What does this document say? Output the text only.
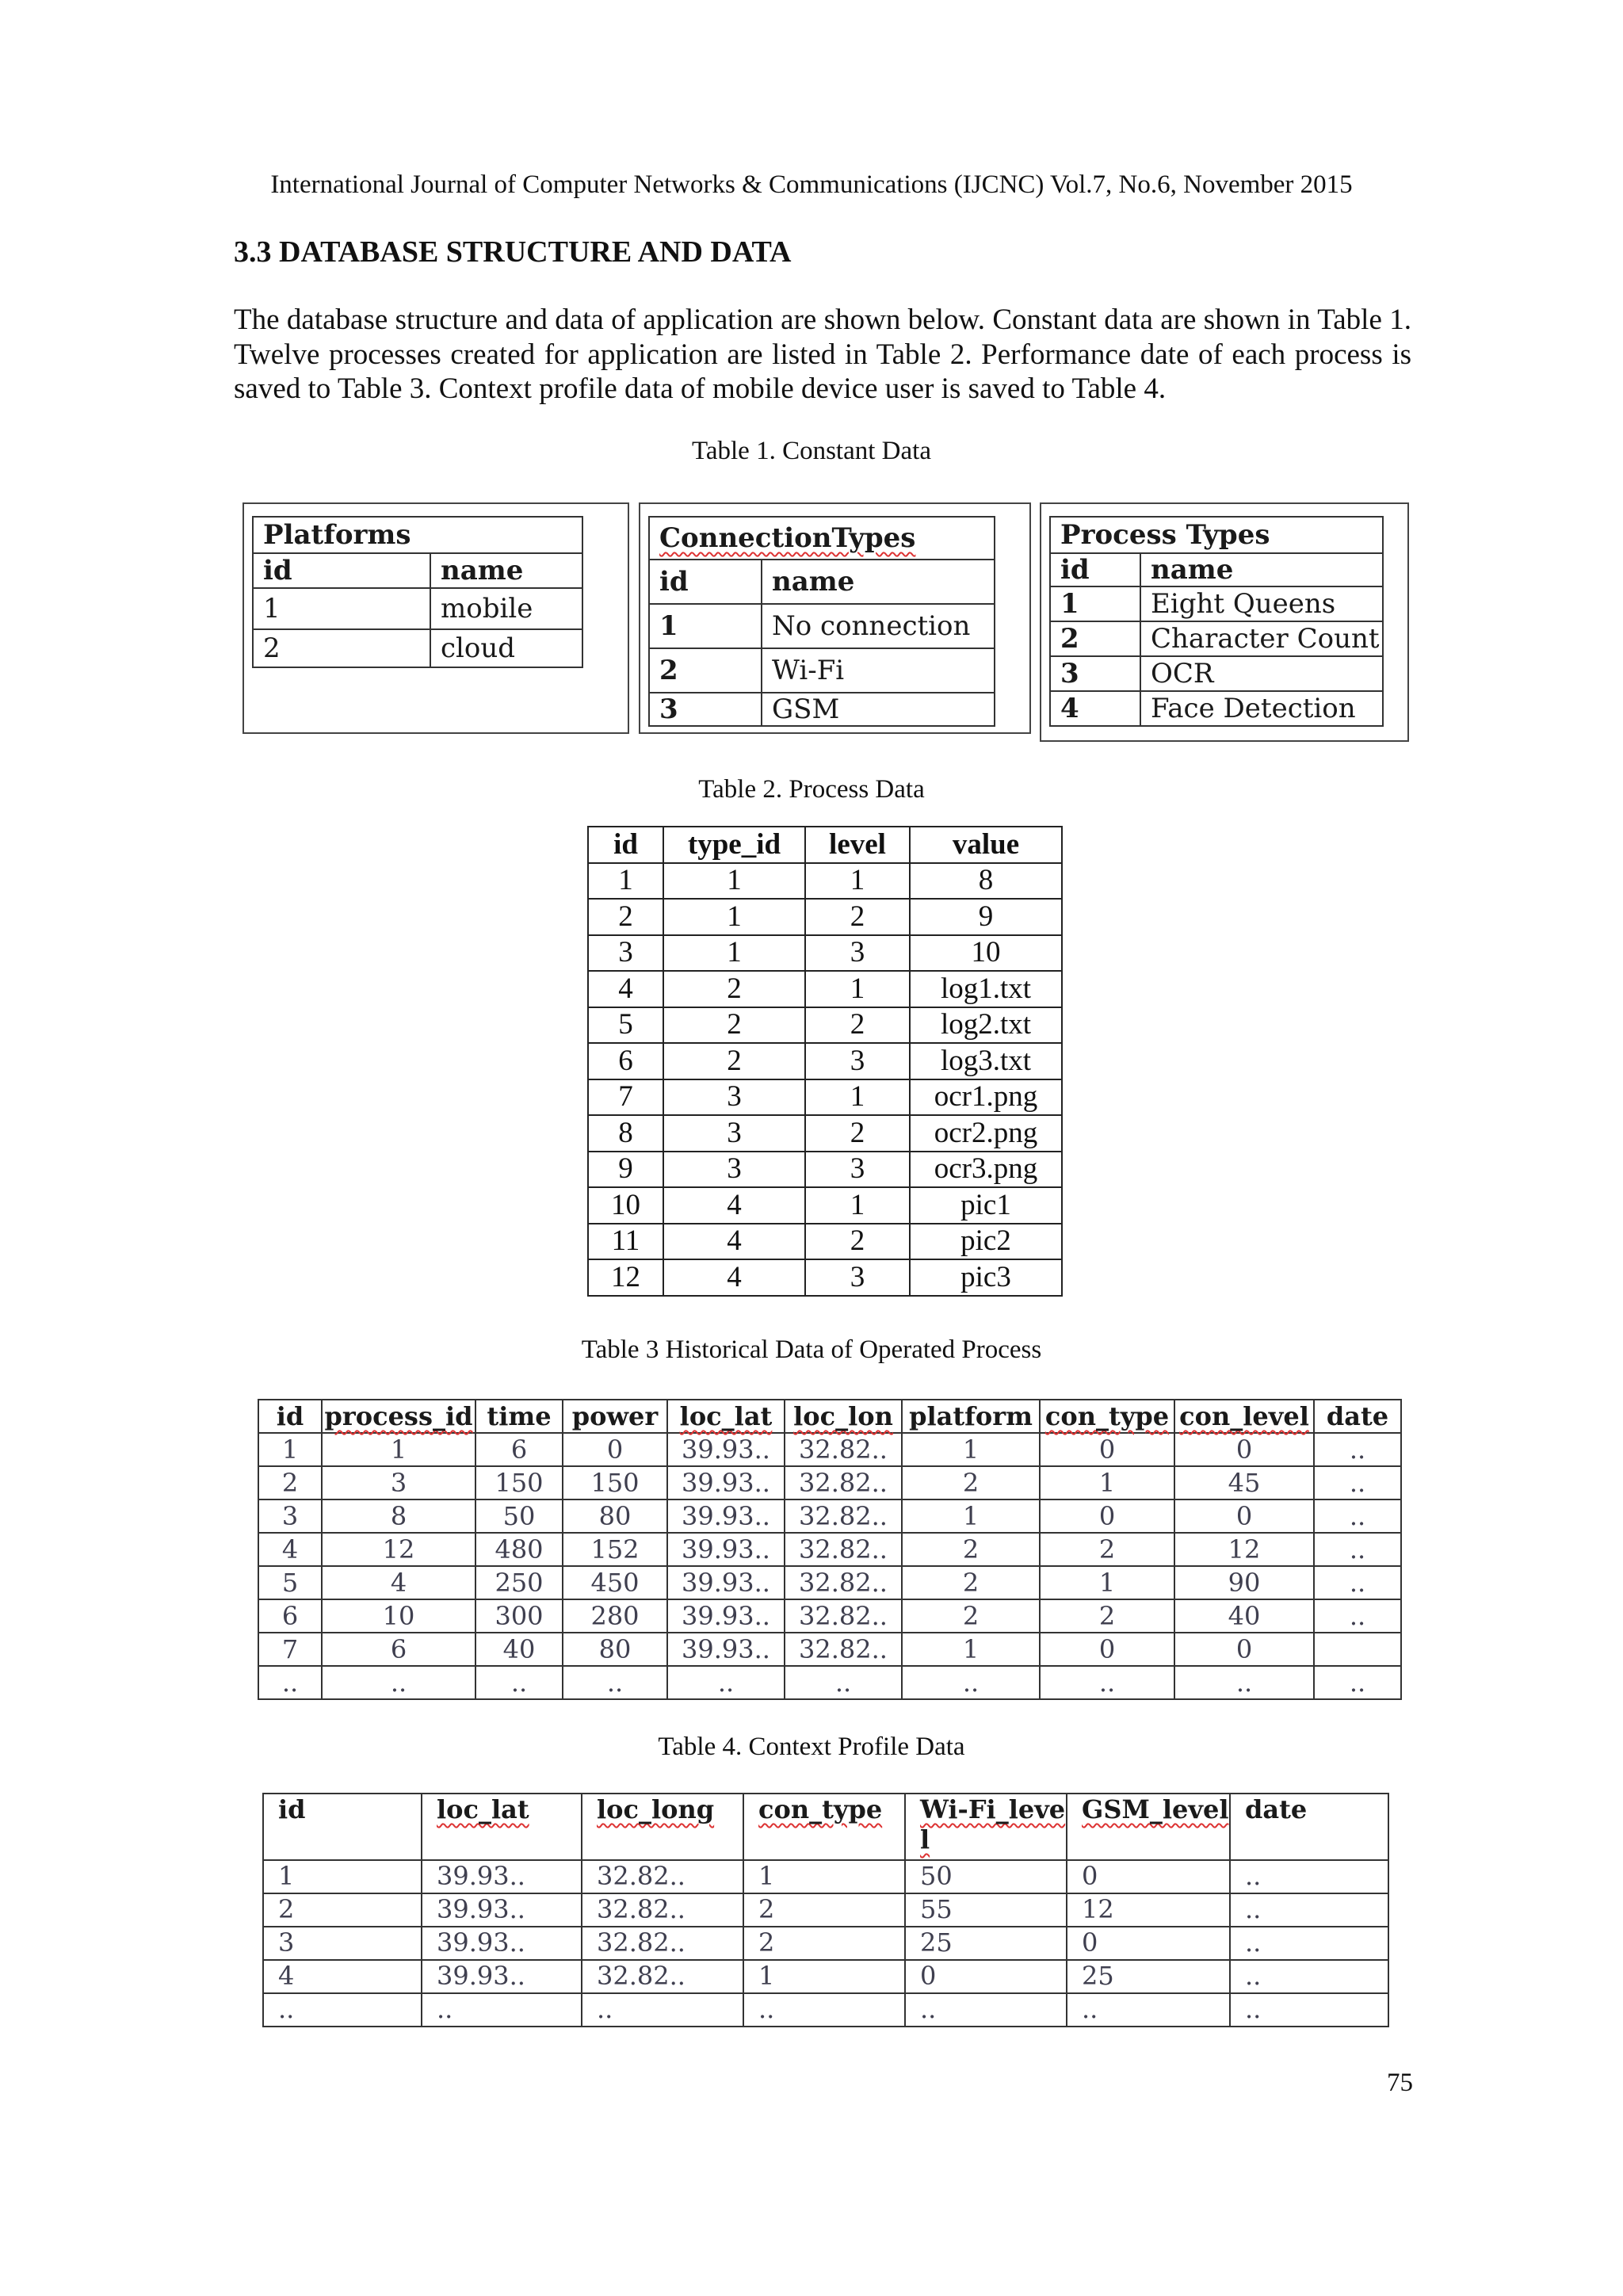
International Journal of Computer Networks & Communications (IJCNC) Vol.7, No.6, November 2015
3.3 DATABASE STRUCTURE AND DATA
The database structure and data of application are shown below. Constant data are shown in Table 1. Twelve processes created for application are listed in Table 2. Performance date of each process is saved to Table 3. Context profile data of mobile device user is saved to Table 4.
Table 1. Constant Data
Platforms	
id	name
1	mobile
2	cloud
ConnectionTypes	
id	name
1	No connection
2	Wi-Fi
3	GSM
Process Types	
id	name
1	Eight Queens
2	Character Count
3	OCR
4	Face Detection
Table 2. Process Data
id	type_id	level	value
1	1	1	8
2	1	2	9
3	1	3	10
4	2	1	log1.txt
5	2	2	log2.txt
6	2	3	log3.txt
7	3	1	ocr1.png
8	3	2	ocr2.png
9	3	3	ocr3.png
10	4	1	pic1
11	4	2	pic2
12	4	3	pic3
Table 3 Historical Data of Operated Process
id	process_id	time	power	loc_lat	loc_lon	platform	con_type	con_level	date
1	1	6	0	39.93..	32.82..	1	0	0	..
2	3	150	150	39.93..	32.82..	2	1	45	..
3	8	50	80	39.93..	32.82..	1	0	0	..
4	12	480	152	39.93..	32.82..	2	2	12	..
5	4	250	450	39.93..	32.82..	2	1	90	..
6	10	300	280	39.93..	32.82..	2	2	40	..
7	6	40	80	39.93..	32.82..	1	0	0	
..	..	..	..	..	..	..	..	..	..
Table 4. Context Profile Data
id	loc_lat	loc_long	con_type	Wi-Fi_level	GSM_level	date
1	39.93..	32.82..	1	50	0	..
2	39.93..	32.82..	2	55	12	..
3	39.93..	32.82..	2	25	0	..
4	39.93..	32.82..	1	0	25	..
..	..	..	..	..	..	..
75
